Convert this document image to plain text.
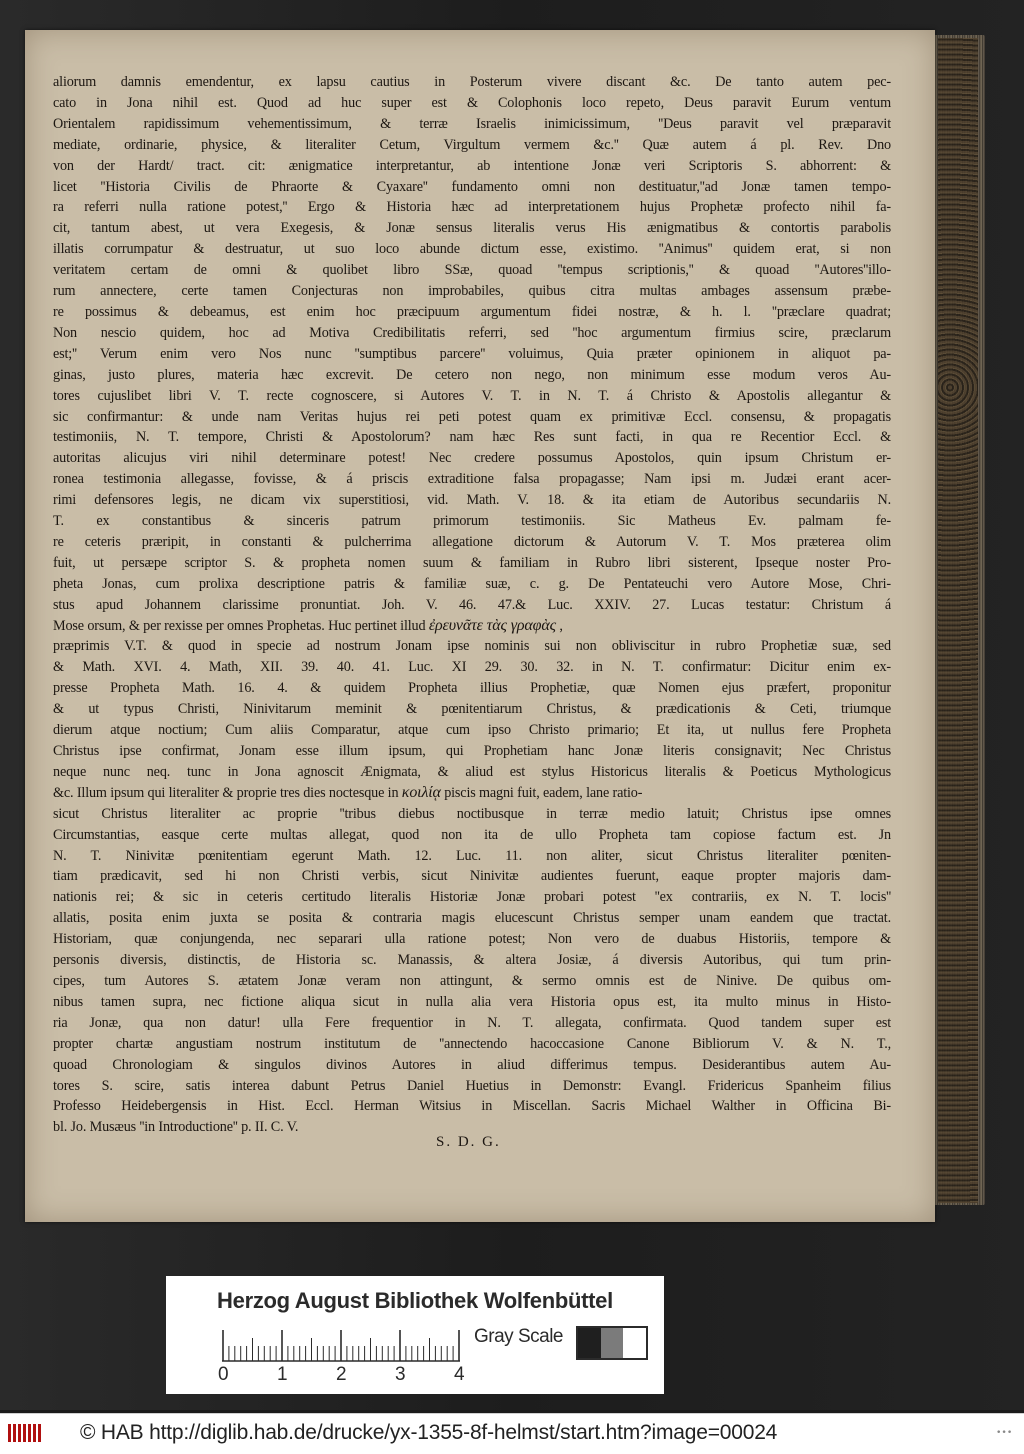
aliorum damnis emendentur, ex lapsu cautius in Posterum vivere discant &c. De tanto autem pec-
cato in Jona nihil est. Quod ad huc super est & Colophonis loco repeto, Deus paravit Eurum ventum
Orientalem rapidissimum vehementissimum, & terræ Israelis inimicissimum, ''Deus paravit vel præparavit
mediate, ordinarie, physice, & literaliter Cetum, Virgultum vermem &c.'' Quæ autem á pl. Rev. Dno
von der Hardt/ tract. cit: ænigmatice interpretantur, ab intentione Jonæ veri Scriptoris S. abhorrent: &
licet ''Historia Civilis de Phraorte & Cyaxare'' fundamento omni non destituatur,''ad Jonæ tamen tempo-
ra referri nulla ratione potest,'' Ergo & Historia hæc ad interpretationem hujus Prophetæ profecto nihil fa-
cit, tantum abest, ut vera Exegesis, & Jonæ sensus literalis verus His ænigmatibus & contortis parabolis
illatis corrumpatur & destruatur, ut suo loco abunde dictum esse, existimo. ''Animus'' quidem erat, si non
veritatem certam de omni & quolibet libro SSæ, quoad ''tempus scriptionis,'' & quoad ''Autores''illo-
rum annectere, certe tamen Conjecturas non improbabiles, quibus citra multas ambages assensum præbe-
re possimus & debeamus, est enim hoc præcipuum argumentum fidei nostræ, & h. l. ''præclare quadrat;
Non nescio quidem, hoc ad Motiva Credibilitatis referri, sed ''hoc argumentum firmius scire, præclarum
est;'' Verum enim vero Nos nunc ''sumptibus parcere'' voluimus, Quia præter opinionem in aliquot pa-
ginas, justo plures, materia hæc excrevit. De cetero non nego, non minimum esse modum veros Au-
tores cujuslibet libri V. T. recte cognoscere, si Autores V. T. in N. T. á Christo & Apostolis allegantur &
sic confirmantur: & unde nam Veritas hujus rei peti potest quam ex primitivæ Eccl. consensu, & propagatis
testimoniis, N. T. tempore, Christi & Apostolorum? nam hæc Res sunt facti, in qua re Recentior Eccl. &
autoritas alicujus viri nihil determinare potest! Nec credere possumus Apostolos, quin ipsum Christum er-
ronea testimonia allegasse, fovisse, & á priscis extraditione falsa propagasse; Nam ipsi m. Judæi erant acer-
rimi defensores legis, ne dicam vix superstitiosi, vid. Math. V. 18. & ita etiam de Autoribus secundariis N.
T. ex constantibus & sinceris patrum primorum testimoniis. Sic Matheus Ev. palmam fe-
re ceteris præripit, in constanti & pulcherrima allegatione dictorum & Autorum V. T. Mos præterea olim
fuit, ut persæpe scriptor S. & propheta nomen suum & familiam in Rubro libri sisterent, Ipseque noster Pro-
pheta Jonas, cum prolixa descriptione patris & familiæ suæ, c. g. De Pentateuchi vero Autore Mose, Chri-
stus apud Johannem clarissime pronuntiat. Joh. V. 46. 47.& Luc. XXIV. 27. Lucas testatur: Christum á
Mose orsum, & per rexisse per omnes Prophetas. Huc pertinet illud ἐρευνᾶτε τὰς γραφὰς ,
præprimis V.T. & quod in specie ad nostrum Jonam ipse nominis sui non obliviscitur in rubro Prophetiæ suæ, sed
& Math. XVI. 4. Math, XII. 39. 40. 41. Luc. XI 29. 30. 32. in N. T. confirmatur: Dicitur enim ex-
presse Propheta Math. 16. 4. & quidem Propheta illius Prophetiæ, quæ Nomen ejus præfert, proponitur
& ut typus Christi, Ninivitarum meminit & pœnitentiarum Christus, & prædicationis & Ceti, triumque
dierum atque noctium; Cum aliis Comparatur, atque cum ipso Christo primario; Et ita, ut nullus fere Propheta
Christus ipse confirmat, Jonam esse illum ipsum, qui Prophetiam hanc Jonæ literis consignavit; Nec Christus
neque nunc neq. tunc in Jona agnoscit Ænigmata, & aliud est stylus Historicus literalis & Poeticus Mythologicus
&c. Illum ipsum qui literaliter & proprie tres dies noctesque in κοιλίᾳ piscis magni fuit, eadem, lane ratio-
sicut Christus literaliter ac proprie ''tribus diebus noctibusque in terræ medio latuit; Christus ipse omnes
Circumstantias, easque certe multas allegat, quod non ita de ullo Propheta tam copiose factum est. Jn
N. T. Ninivitæ pœnitentiam egerunt Math. 12. Luc. 11. non aliter, sicut Christus literaliter pœniten-
tiam prædicavit, sed hi non Christi verbis, sicut Ninivitæ audientes fuerunt, eaque propter majoris dam-
nationis rei; & sic in ceteris certitudo literalis Historiæ Jonæ probari potest ''ex contrariis, ex N. T. locis''
allatis, posita enim juxta se posita & contraria magis elucescunt Christus semper unam eandem que tractat.
Historiam, quæ conjungenda, nec separari ulla ratione potest; Non vero de duabus Historiis, tempore &
personis diversis, distinctis, de Historia sc. Manassis, & altera Josiæ, á diversis Autoribus, qui tum prin-
cipes, tum Autores S. ætatem Jonæ veram non attingunt, & sermo omnis est de Ninive. De quibus om-
nibus tamen supra, nec fictione aliqua sicut in nulla alia vera Historia opus est, ita multo minus in Histo-
ria Jonæ, qua non datur! ulla Fere frequentior in N. T. allegata, confirmata. Quod tandem super est
propter chartæ angustiam nostrum institutum de ''annectendo hacoccasione Canone Bibliorum V. & N. T.,
quoad Chronologiam & singulos divinos Autores in aliud differimus tempus. Desiderantibus autem Au-
tores S. scire, satis interea dabunt Petrus Daniel Huetius in Demonstr: Evangl. Fridericus Spanheim filius
Professo Heidebergensis in Hist. Eccl. Herman Witsius in Miscellan. Sacris Michael Walther in Officina Bi-
bl. Jo. Musæus ''in Introductione'' p. II. C. V.
S. D. G.
Herzog August Bibliothek Wolfenbüttel
Gray Scale
0	1	2	3	4
© HAB http://diglib.hab.de/drucke/yx-1355-8f-helmst/start.htm?image=00024	•••
